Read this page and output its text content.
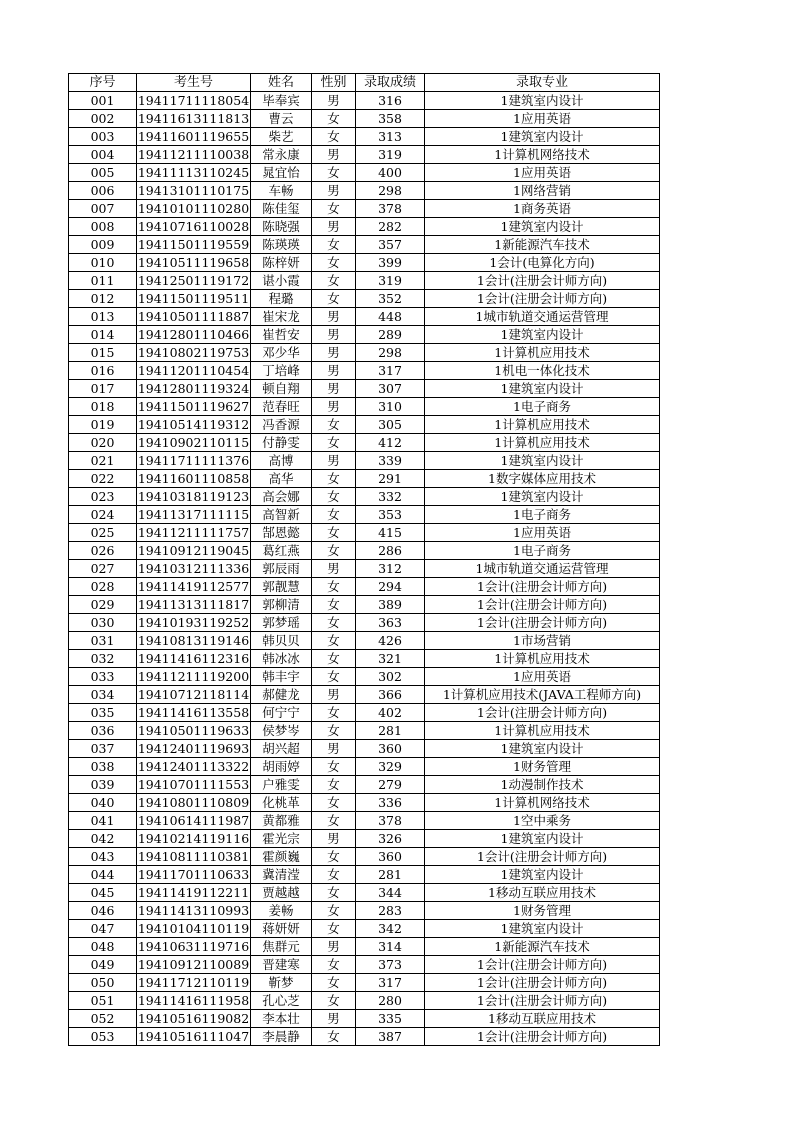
序号	考生号	姓名	性别	录取成绩	录取专业
001	19411711118054	毕奉宾	男	316	1建筑室内设计
002	19411613111813	曹云	女	358	1应用英语
003	19411601119655	柴艺	女	313	1建筑室内设计
004	19411211110038	常永康	男	319	1计算机网络技术
005	19411113110245	晁宜怡	女	400	1应用英语
006	19413101110175	车畅	男	298	1网络营销
007	19410101110280	陈佳玺	女	378	1商务英语
008	19410716110028	陈晓强	男	282	1建筑室内设计
009	19411501119559	陈瑛瑛	女	357	1新能源汽车技术
010	19410511119658	陈梓妍	女	399	1会计(电算化方向)
011	19412501119172	谌小霞	女	319	1会计(注册会计师方向)
012	19411501119511	程璐	女	352	1会计(注册会计师方向)
013	19410501111887	崔宋龙	男	448	1城市轨道交通运营管理
014	19412801110466	崔哲安	男	289	1建筑室内设计
015	19410802119753	邓少华	男	298	1计算机应用技术
016	19411201110454	丁培峰	男	317	1机电一体化技术
017	19412801119324	顿自翔	男	307	1建筑室内设计
018	19411501119627	范春旺	男	310	1电子商务
019	19410514119312	冯香源	女	305	1计算机应用技术
020	19410902110115	付静雯	女	412	1计算机应用技术
021	19411711111376	高博	男	339	1建筑室内设计
022	19411601110858	高华	女	291	1数字媒体应用技术
023	19410318119123	高会娜	女	332	1建筑室内设计
024	19411317111115	高智新	女	353	1电子商务
025	19411211111757	郜恩懿	女	415	1应用英语
026	19410912119045	葛红燕	女	286	1电子商务
027	19410312111336	郭辰雨	男	312	1城市轨道交通运营管理
028	19411419112577	郭靓慧	女	294	1会计(注册会计师方向)
029	19411313111817	郭柳清	女	389	1会计(注册会计师方向)
030	19410193119252	郭梦瑶	女	363	1会计(注册会计师方向)
031	19410813119146	韩贝贝	女	426	1市场营销
032	19411416112316	韩冰冰	女	321	1计算机应用技术
033	19411211119200	韩丰宇	女	302	1应用英语
034	19410712118114	郝健龙	男	366	1计算机应用技术(JAVA工程师方向)
035	19411416113558	何宁宁	女	402	1会计(注册会计师方向)
036	19410501119633	侯梦岑	女	281	1计算机应用技术
037	19412401119693	胡兴超	男	360	1建筑室内设计
038	19412401113322	胡雨婷	女	329	1财务管理
039	19410701111553	户雅雯	女	279	1动漫制作技术
040	19410801110809	化桃革	女	336	1计算机网络技术
041	19410614111987	黄都雅	女	378	1空中乘务
042	19410214119116	霍光宗	男	326	1建筑室内设计
043	19410811110381	霍颜巍	女	360	1会计(注册会计师方向)
044	19411701110633	冀清滢	女	281	1建筑室内设计
045	19411419112211	贾越越	女	344	1移动互联应用技术
046	19411413110993	姜畅	女	283	1财务管理
047	19410104110119	蒋妍妍	女	342	1建筑室内设计
048	19410631119716	焦群元	男	314	1新能源汽车技术
049	19410912110089	晋建寒	女	373	1会计(注册会计师方向)
050	19411712110119	靳梦	女	317	1会计(注册会计师方向)
051	19411416111958	孔心芝	女	280	1会计(注册会计师方向)
052	19410516119082	李本壮	男	335	1移动互联应用技术
053	19410516111047	李晨静	女	387	1会计(注册会计师方向)
